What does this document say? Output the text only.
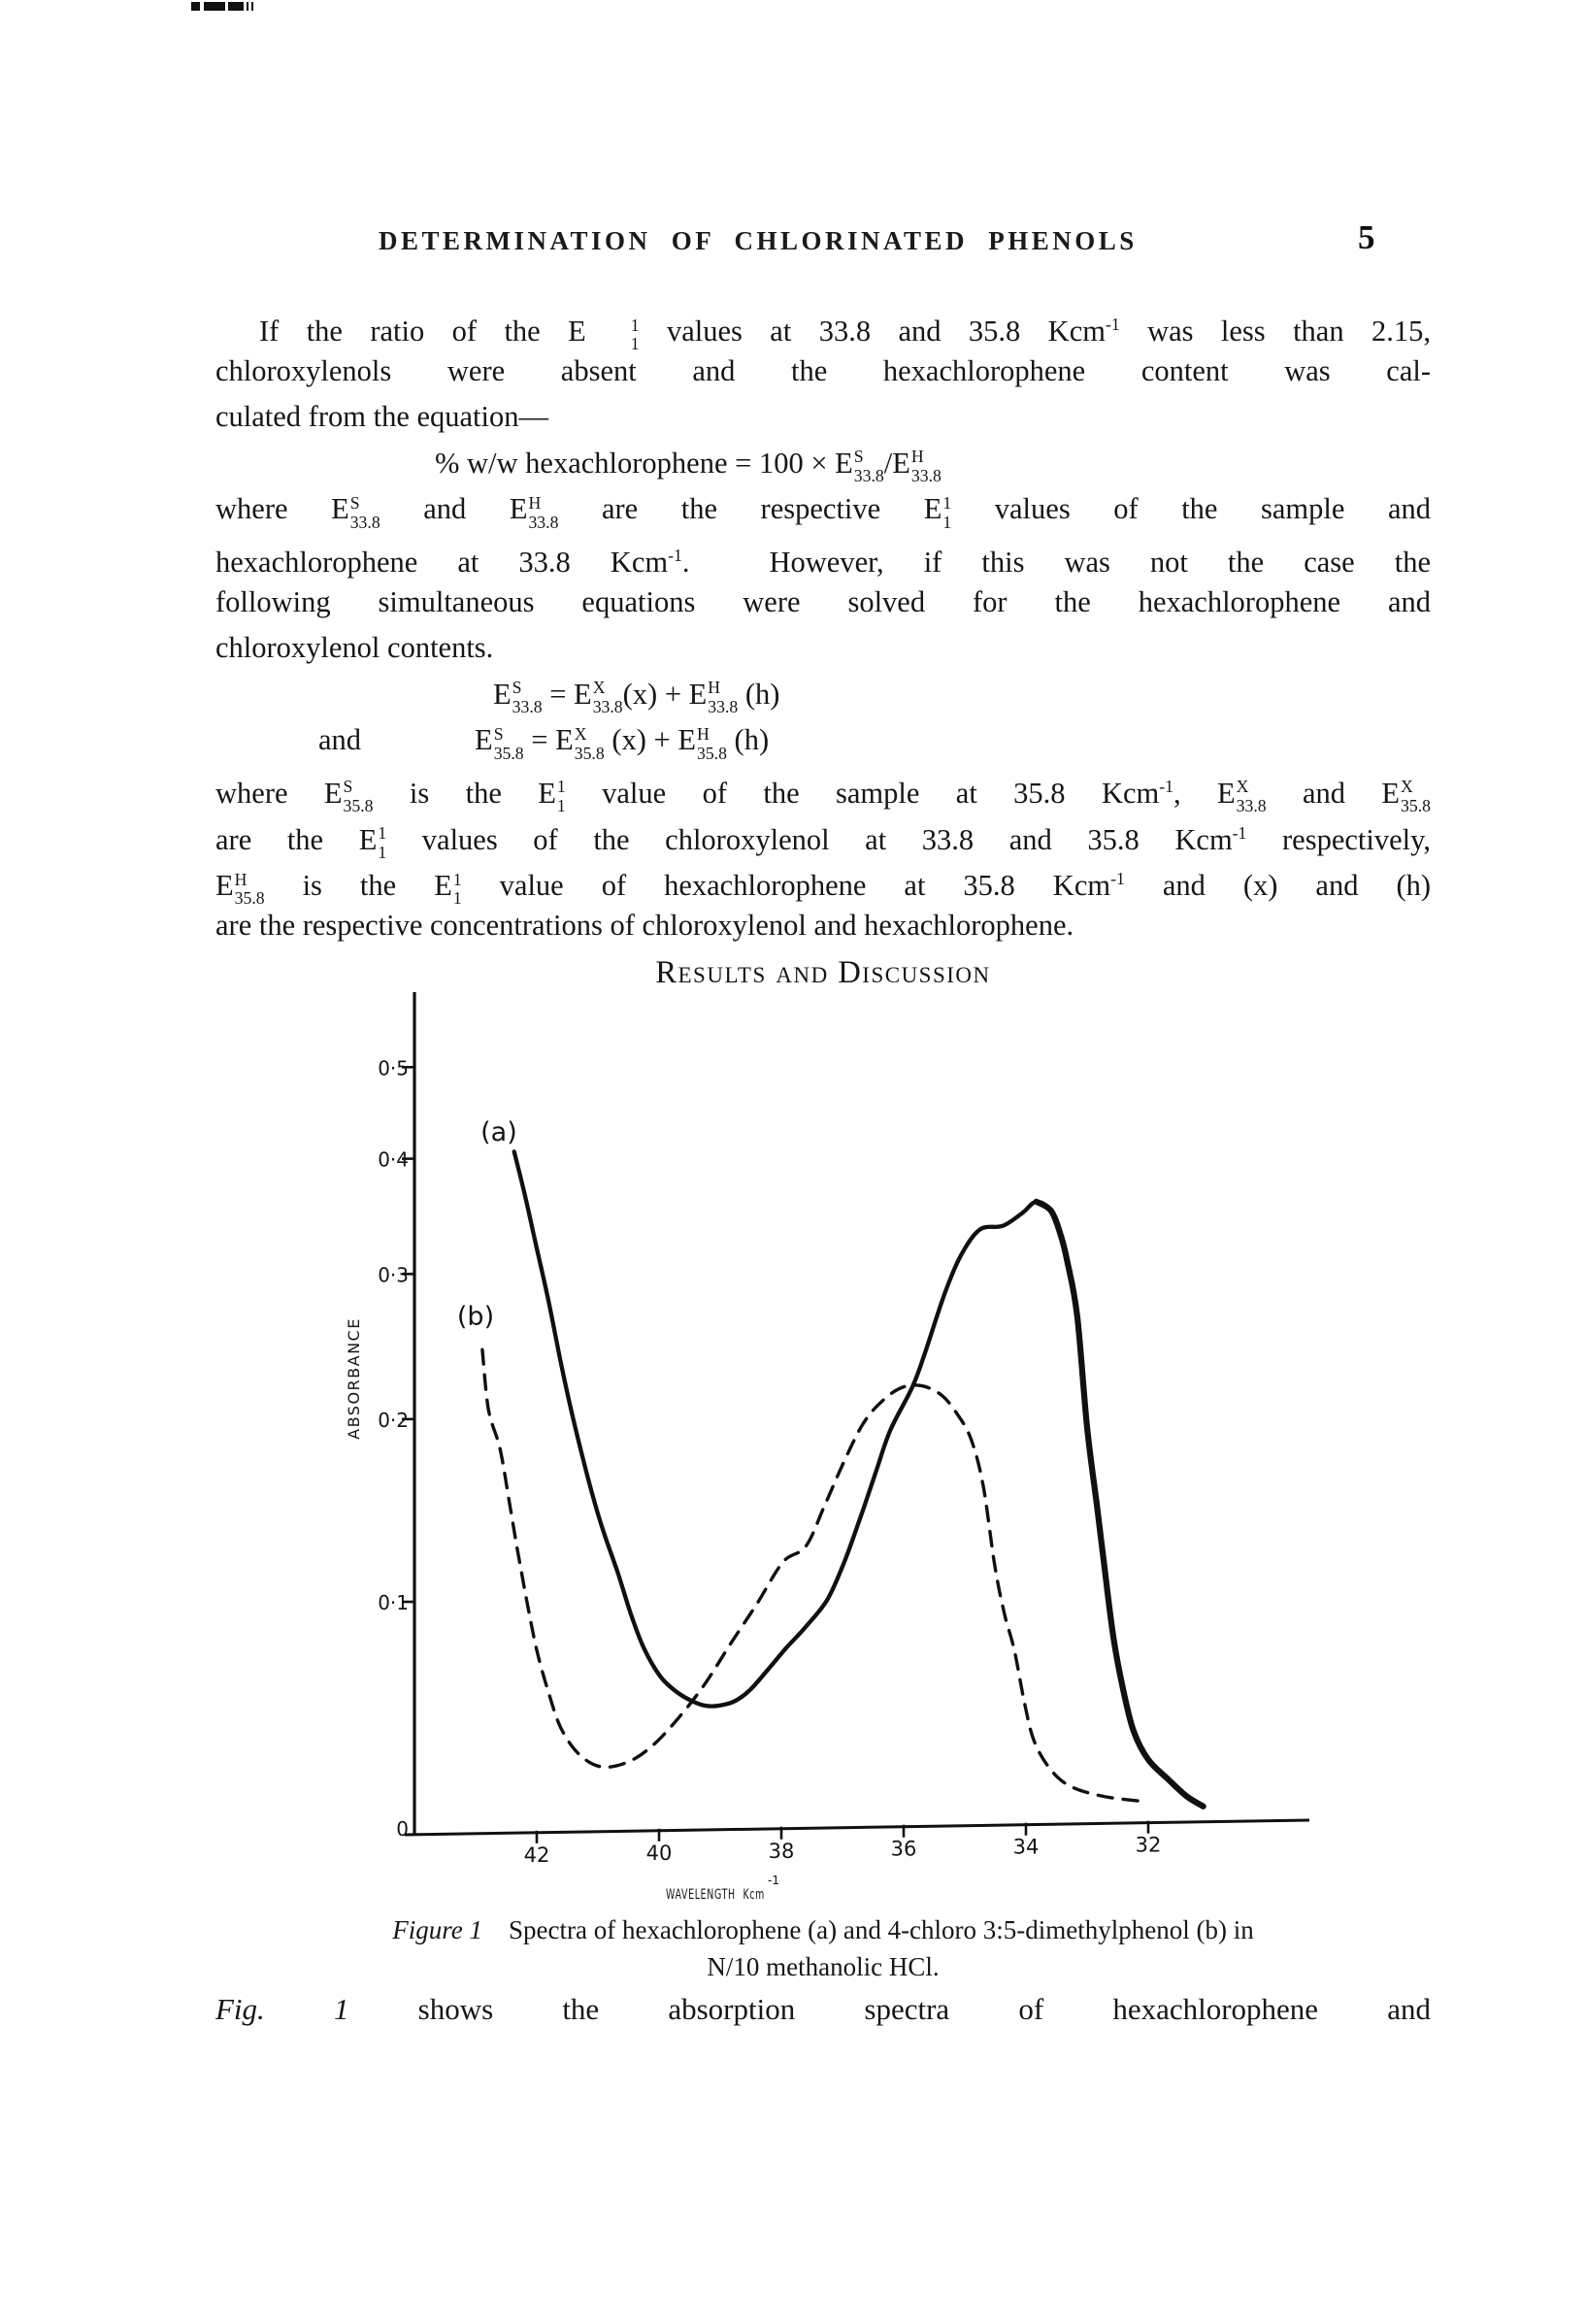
DETERMINATION OF CHLORINATED PHENOLS	5
If the ratio of the E	1
1 values at 33.8 and 35.8 Kcm$^{-1}$ was less than 2.15,
chloroxylenols were absent and the hexachlorophene content was cal-
culated from the equation—
% w/w hexachlorophene = 100 × E S
33.8 /E H
33.8
where E S
33.8 and E H
33.8 are the respective E 1
1 values of the sample and
hexachlorophene at 33.8 Kcm$^{-1}$.  However, if this was not the case the
following simultaneous equations were solved for the hexachlorophene and
chloroxylenol contents.
E S
33.8 = E X
33.8 (x) + E H
33.8 (h)
and	E S
35.8 = E X
35.8 (x) + E H
35.8 (h)
where E S
35.8 is the E 1
1 value of the sample at 35.8 Kcm$^{-1}$, E X
33.8 and E X
35.8
are the E 1
1 values of the chloroxylenol at 33.8 and 35.8 Kcm$^{-1}$ respectively,
E H
35.8 is the E 1
1 value of hexachlorophene at 35.8 Kcm$^{-1}$ and (x) and (h)
are the respective concentrations of chloroxylenol and hexachlorophene.
Results and Discussion
42	40	38	36	34	32
0
0·1
0·2
0·3
0·4
0·5
ABSORBANCE
WAVELENGTH Kcm
-1
(a)
(b)
Figure 1  Spectra of hexachlorophene (a) and 4-chloro 3:5-dimethylphenol (b) in
N/10 methanolic HCl.
Fig. 1 shows the absorption spectra of hexachlorophene and
